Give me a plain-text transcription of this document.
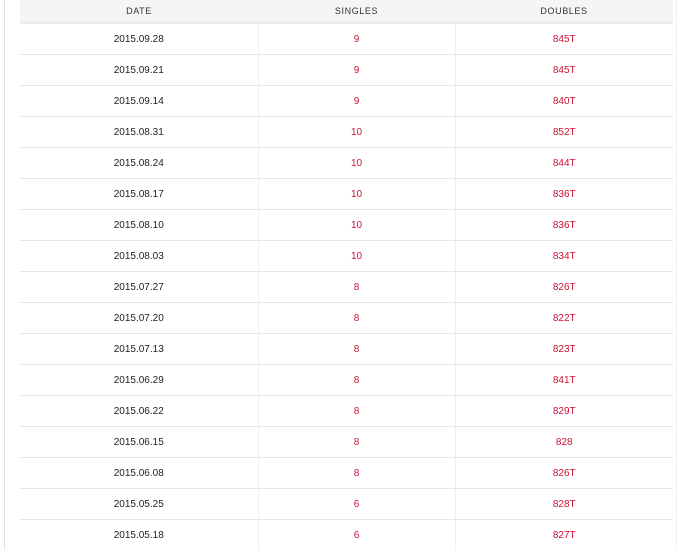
DATE	SINGLES	DOUBLES
2015.09.28	9	845T
2015.09.21	9	845T
2015.09.14	9	840T
2015.08.31	10	852T
2015.08.24	10	844T
2015.08.17	10	836T
2015.08.10	10	836T
2015.08.03	10	834T
2015.07.27	8	826T
2015.07.20	8	822T
2015.07.13	8	823T
2015.06.29	8	841T
2015.06.22	8	829T
2015.06.15	8	828
2015.06.08	8	826T
2015.05.25	6	828T
2015.05.18	6	827T
